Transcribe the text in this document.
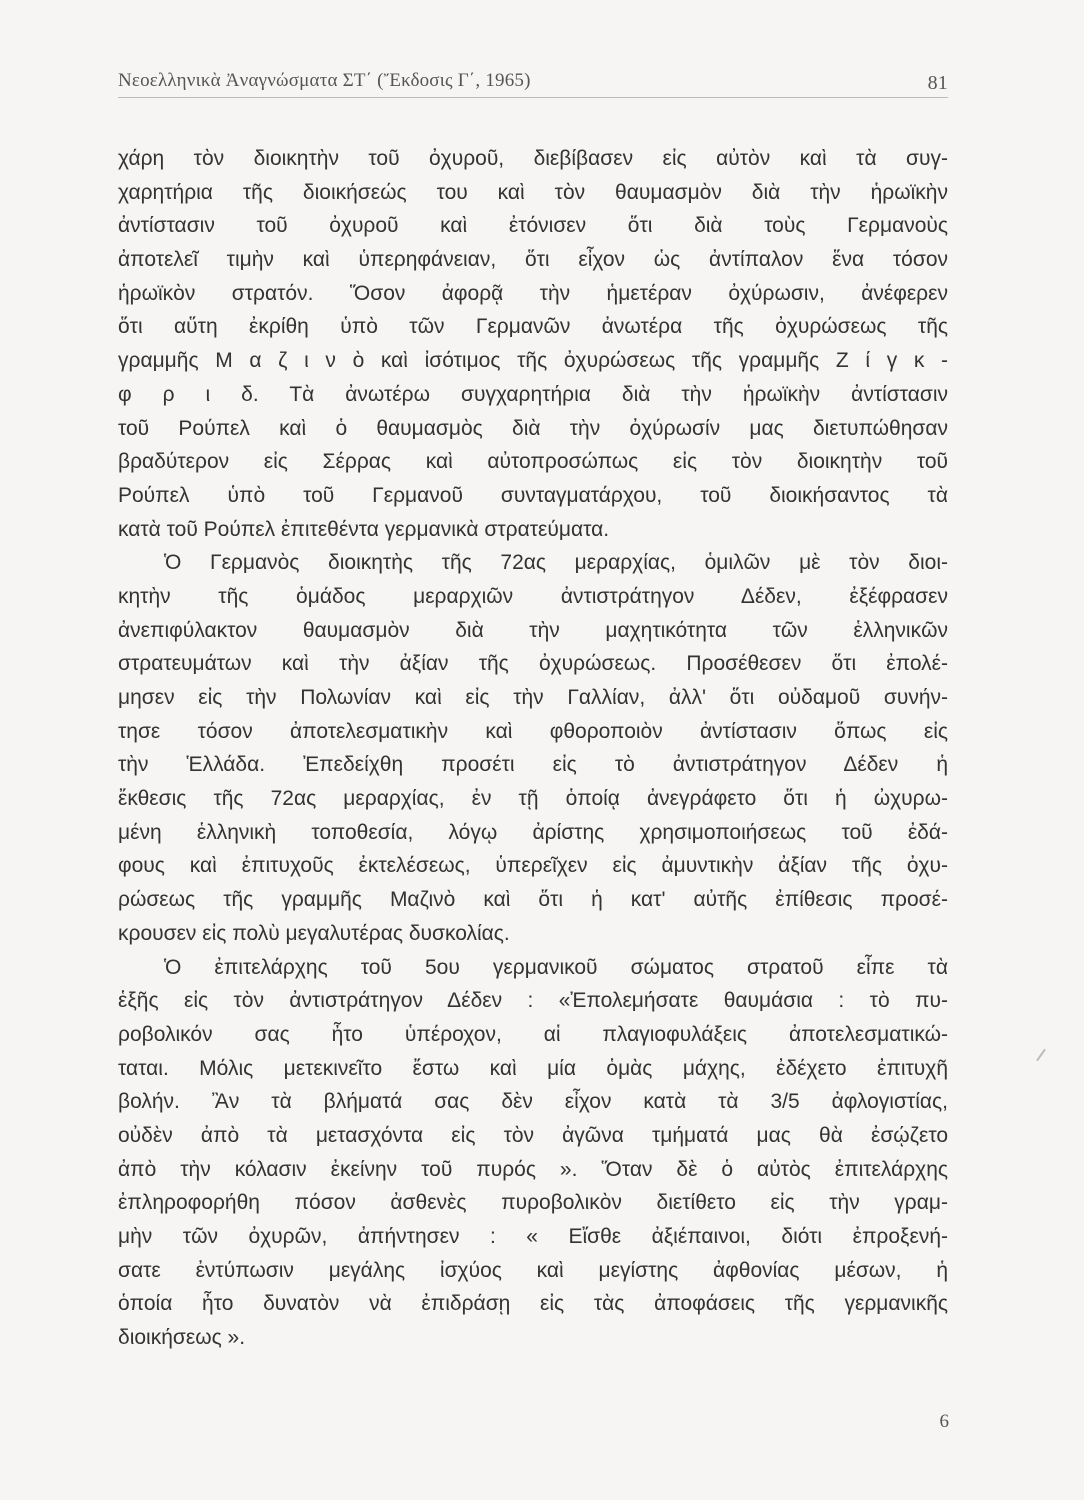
Νεοελληνικὰ Ἀναγνώσματα ΣΤ΄ (Ἔκδοσις Γ΄, 1965)	81
χάρη τὸν διοικητὴν τοῦ ὀχυροῦ, διεβίβασεν εἰς αὐτὸν καὶ τὰ συγ-
χαρητήρια τῆς διοικήσεώς του καὶ τὸν θαυμασμὸν διὰ τὴν ἡρωϊκὴν
ἀντίστασιν τοῦ ὀχυροῦ καὶ ἐτόνισεν ὅτι διὰ τοὺς Γερμανοὺς
ἀποτελεῖ τιμὴν καὶ ὑπερηφάνειαν, ὅτι εἶχον ὡς ἀντίπαλον ἕνα τόσον
ἡρωϊκὸν στρατόν. Ὅσον ἀφορᾷ τὴν ἡμετέραν ὀχύρωσιν, ἀνέφερεν
ὅτι αὕτη ἐκρίθη ὑπὸ τῶν Γερμανῶν ἀνωτέρα τῆς ὀχυρώσεως τῆς
γραμμῆς Μ α ζ ι ν ὸ καὶ ἰσότιμος τῆς ὀχυρώσεως τῆς γραμμῆς Ζ ί γ κ -
φ ρ ι δ. Τὰ ἀνωτέρω συγχαρητήρια διὰ τὴν ἡρωϊκὴν ἀντίστασιν
τοῦ Ρούπελ καὶ ὁ θαυμασμὸς διὰ τὴν ὀχύρωσίν μας διετυπώθησαν
βραδύτερον εἰς Σέρρας καὶ αὐτοπροσώπως εἰς τὸν διοικητὴν τοῦ
Ρούπελ ὑπὸ τοῦ Γερμανοῦ συνταγματάρχου, τοῦ διοικήσαντος τὰ
κατὰ τοῦ Ρούπελ ἐπιτεθέντα γερμανικὰ στρατεύματα.
Ὁ Γερμανὸς διοικητὴς τῆς 72ας μεραρχίας, ὁμιλῶν μὲ τὸν διοι-
κητὴν τῆς ὁμάδος μεραρχιῶν ἀντιστράτηγον Δέδεν, ἐξέφρασεν
ἀνεπιφύλακτον θαυμασμὸν διὰ τὴν μαχητικότητα τῶν ἑλληνικῶν
στρατευμάτων καὶ τὴν ἀξίαν τῆς ὀχυρώσεως. Προσέθεσεν ὅτι ἐπολέ-
μησεν εἰς τὴν Πολωνίαν καὶ εἰς τὴν Γαλλίαν, ἀλλ' ὅτι οὐδαμοῦ συνήν-
τησε τόσον ἀποτελεσματικὴν καὶ φθοροποιὸν ἀντίστασιν ὅπως εἰς
τὴν Ἑλλάδα. Ἐπεδείχθη προσέτι εἰς τὸ ἀντιστράτηγον Δέδεν ἡ
ἔκθεσις τῆς 72ας μεραρχίας, ἐν τῇ ὁποίᾳ ἀνεγράφετο ὅτι ἡ ὠχυρω-
μένη ἑλληνικὴ τοποθεσία, λόγῳ ἀρίστης χρησιμοποιήσεως τοῦ ἐδά-
φους καὶ ἐπιτυχοῦς ἐκτελέσεως, ὑπερεῖχεν εἰς ἀμυντικὴν ἀξίαν τῆς ὀχυ-
ρώσεως τῆς γραμμῆς Μαζινὸ καὶ ὅτι ἡ κατ' αὐτῆς ἐπίθεσις προσέ-
κρουσεν εἰς πολὺ μεγαλυτέρας δυσκολίας.
Ὁ ἐπιτελάρχης τοῦ 5ου γερμανικοῦ σώματος στρατοῦ εἶπε τὰ
ἑξῆς εἰς τὸν ἀντιστράτηγον Δέδεν : «Ἐπολεμήσατε θαυμάσια : τὸ πυ-
ροβολικόν σας ἦτο ὑπέροχον, αἱ πλαγιοφυλάξεις ἀποτελεσματικώ-
ταται. Μόλις μετεκινεῖτο ἔστω καὶ μία ὁμὰς μάχης, ἐδέχετο ἐπιτυχῆ
βολήν. Ἂν τὰ βλήματά σας δὲν εἶχον κατὰ τὰ 3/5 ἀφλογιστίας,
οὐδὲν ἀπὸ τὰ μετασχόντα εἰς τὸν ἀγῶνα τμήματά μας θὰ ἐσῴζετο
ἀπὸ τὴν κόλασιν ἐκείνην τοῦ πυρός ». Ὅταν δὲ ὁ αὐτὸς ἐπιτελάρχης
ἐπληροφορήθη πόσον ἀσθενὲς πυροβολικὸν διετίθετο εἰς τὴν γραμ-
μὴν τῶν ὀχυρῶν, ἀπήντησεν : « Εἴσθε ἀξιέπαινοι, διότι ἐπροξενή-
σατε ἐντύπωσιν μεγάλης ἰσχύος καὶ μεγίστης ἀφθονίας μέσων, ἡ
ὁποία ἦτο δυνατὸν νὰ ἐπιδράσῃ εἰς τὰς ἀποφάσεις τῆς γερμανικῆς
διοικήσεως ».
6
